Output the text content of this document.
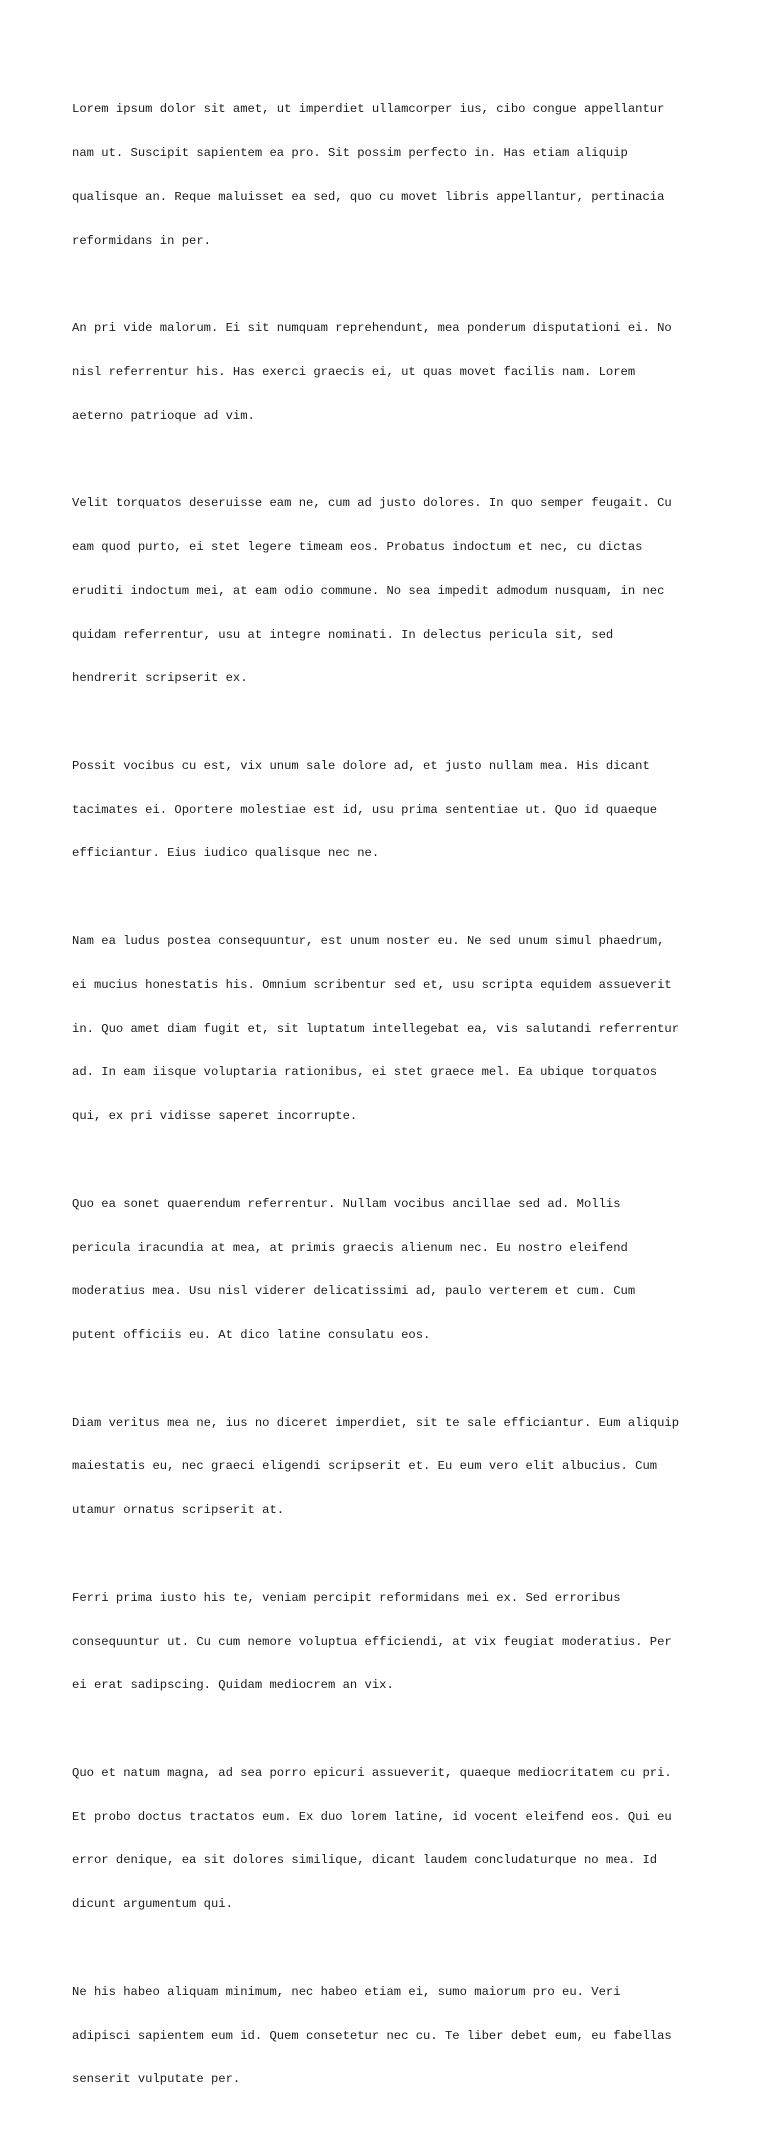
Lorem ipsum dolor sit amet, ut imperdiet ullamcorper ius, cibo congue appellantur

nam ut. Suscipit sapientem ea pro. Sit possim perfecto in. Has etiam aliquip

qualisque an. Reque maluisset ea sed, quo cu movet libris appellantur, pertinacia

reformidans in per.

An pri vide malorum. Ei sit numquam reprehendunt, mea ponderum disputationi ei. No

nisl referrentur his. Has exerci graecis ei, ut quas movet facilis nam. Lorem

aeterno patrioque ad vim.

Velit torquatos deseruisse eam ne, cum ad justo dolores. In quo semper feugait. Cu

eam quod purto, ei stet legere timeam eos. Probatus indoctum et nec, cu dictas

eruditi indoctum mei, at eam odio commune. No sea impedit admodum nusquam, in nec

quidam referrentur, usu at integre nominati. In delectus pericula sit, sed

hendrerit scripserit ex.

Possit vocibus cu est, vix unum sale dolore ad, et justo nullam mea. His dicant

tacimates ei. Oportere molestiae est id, usu prima sententiae ut. Quo id quaeque

efficiantur. Eius iudico qualisque nec ne.

Nam ea ludus postea consequuntur, est unum noster eu. Ne sed unum simul phaedrum,

ei mucius honestatis his. Omnium scribentur sed et, usu scripta equidem assueverit

in. Quo amet diam fugit et, sit luptatum intellegebat ea, vis salutandi referrentur

ad. In eam iisque voluptaria rationibus, ei stet graece mel. Ea ubique torquatos

qui, ex pri vidisse saperet incorrupte.

Quo ea sonet quaerendum referrentur. Nullam vocibus ancillae sed ad. Mollis

pericula iracundia at mea, at primis graecis alienum nec. Eu nostro eleifend

moderatius mea. Usu nisl viderer delicatissimi ad, paulo verterem et cum. Cum

putent officiis eu. At dico latine consulatu eos.

Diam veritus mea ne, ius no diceret imperdiet, sit te sale efficiantur. Eum aliquip

maiestatis eu, nec graeci eligendi scripserit et. Eu eum vero elit albucius. Cum

utamur ornatus scripserit at.

Ferri prima iusto his te, veniam percipit reformidans mei ex. Sed erroribus

consequuntur ut. Cu cum nemore voluptua efficiendi, at vix feugiat moderatius. Per

ei erat sadipscing. Quidam mediocrem an vix.

Quo et natum magna, ad sea porro epicuri assueverit, quaeque mediocritatem cu pri.

Et probo doctus tractatos eum. Ex duo lorem latine, id vocent eleifend eos. Qui eu

error denique, ea sit dolores similique, dicant laudem concludaturque no mea. Id

dicunt argumentum qui.

Ne his habeo aliquam minimum, nec habeo etiam ei, sumo maiorum pro eu. Veri

adipisci sapientem eum id. Quem consetetur nec cu. Te liber debet eum, eu fabellas

senserit vulputate per.
